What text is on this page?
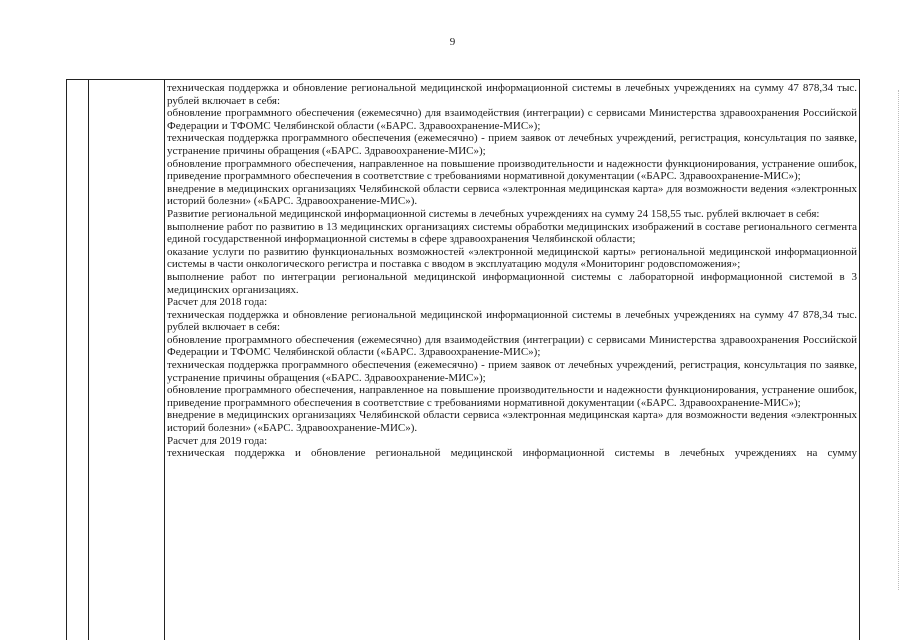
9

техническая поддержка и обновление региональной медицинской информационной системы в лечебных учреждениях на сумму 47 878,34 тыс. рублей включает в себя:

обновление программного обеспечения (ежемесячно) для взаимодействия (интеграции) с сервисами Министерства здравоохранения Российской Федерации и ТФОМС Челябинской области («БАРС. Здравоохранение-МИС»);

техническая поддержка программного обеспечения (ежемесячно) - прием заявок от лечебных учреждений, регистрация, консультация по заявке, устранение причины обращения («БАРС. Здравоохранение-МИС»);

обновление программного обеспечения, направленное на повышение производительности и надежности функционирования, устранение ошибок, приведение программного обеспечения в соответствие с требованиями нормативной документации («БАРС. Здравоохранение-МИС»);

внедрение в медицинских организациях Челябинской области сервиса «электронная медицинская карта» для возможности ведения «электронных историй болезни» («БАРС. Здравоохранение-МИС»).

Развитие региональной медицинской информационной системы в лечебных учреждениях на сумму 24 158,55 тыс. рублей включает в себя:

выполнение работ по развитию в 13 медицинских организациях системы обработки медицинских изображений в составе регионального сегмента единой государственной информационной системы в сфере здравоохранения Челябинской области;

оказание услуги по развитию функциональных возможностей «электронной медицинской карты» региональной медицинской информационной системы в части онкологического регистра и поставка с вводом в эксплуатацию модуля «Мониторинг родовспоможения»;

выполнение работ по интеграции региональной медицинской информационной системы с лабораторной информационной системой в 3 медицинских организациях.

Расчет для 2018 года:

техническая поддержка и обновление региональной медицинской информационной системы в лечебных учреждениях на сумму 47 878,34 тыс. рублей включает в себя:

обновление программного обеспечения (ежемесячно) для взаимодействия (интеграции) с сервисами Министерства здравоохранения Российской Федерации и ТФОМС Челябинской области («БАРС. Здравоохранение-МИС»);

техническая поддержка программного обеспечения (ежемесячно) - прием заявок от лечебных учреждений, регистрация, консультация по заявке, устранение причины обращения («БАРС. Здравоохранение-МИС»);

обновление программного обеспечения, направленное на повышение производительности и надежности функционирования, устранение ошибок, приведение программного обеспечения в соответствие с требованиями нормативной документации («БАРС. Здравоохранение-МИС»);

внедрение в медицинских организациях Челябинской области сервиса «электронная медицинская карта» для возможности ведения «электронных историй болезни» («БАРС. Здравоохранение-МИС»).

Расчет для 2019 года:

техническая поддержка и обновление региональной медицинской информационной системы в лечебных учреждениях на сумму
